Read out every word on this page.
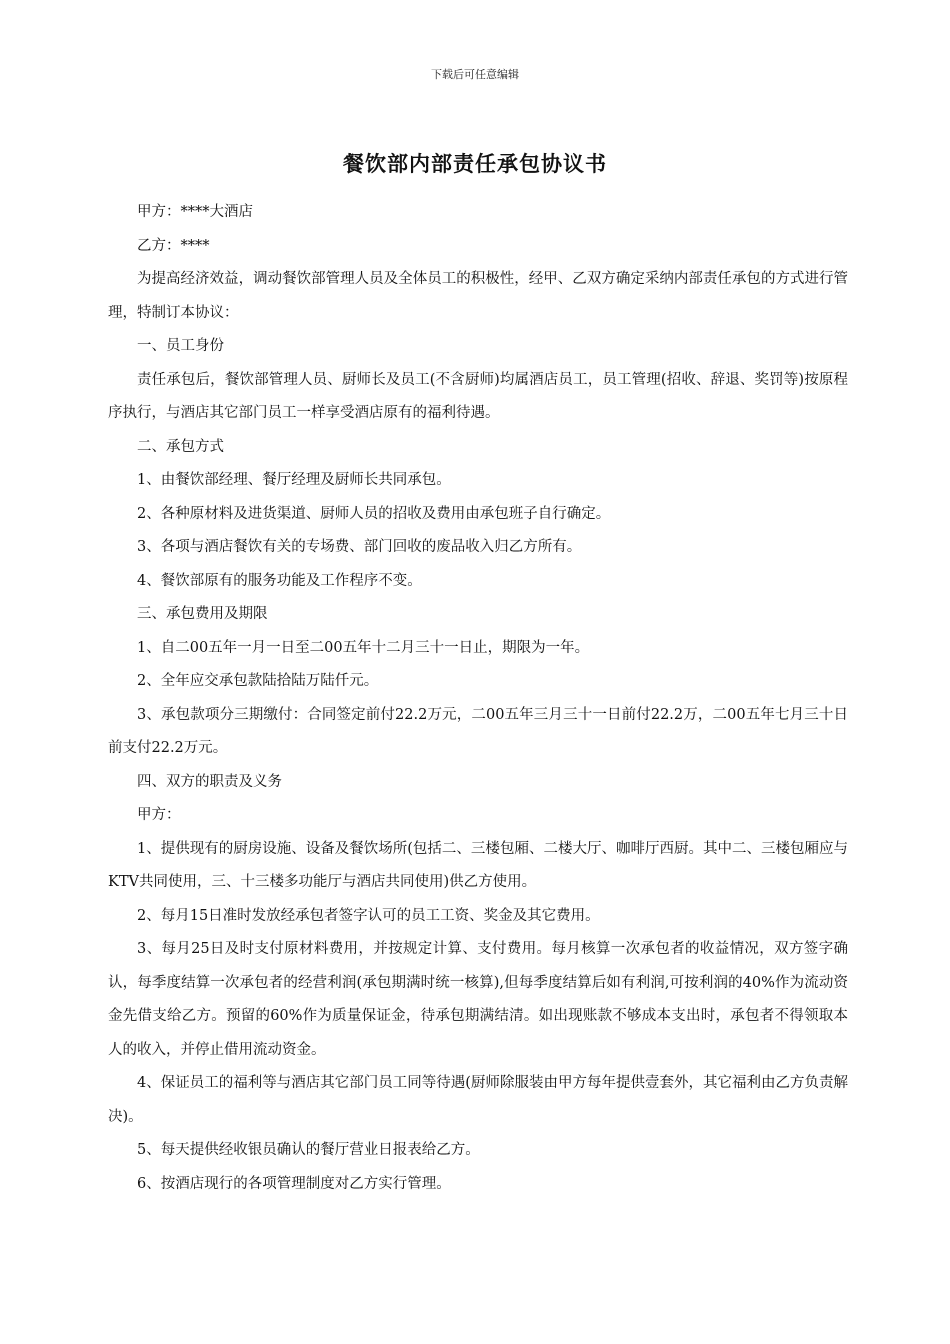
下载后可任意编辑
餐饮部内部责任承包协议书

甲方：****大酒店

乙方：****

为提高经济效益，调动餐饮部管理人员及全体员工的积极性，经甲、乙双方确定采纳内部责任承包的方式进行管理，特制订本协议：

一、员工身份

责任承包后，餐饮部管理人员、厨师长及员工(不含厨师)均属酒店员工，员工管理(招收、辞退、奖罚等)按原程序执行，与酒店其它部门员工一样享受酒店原有的福利待遇。

二、承包方式

1、由餐饮部经理、餐厅经理及厨师长共同承包。

2、各种原材料及进货渠道、厨师人员的招收及费用由承包班子自行确定。

3、各项与酒店餐饮有关的专场费、部门回收的废品收入归乙方所有。

4、餐饮部原有的服务功能及工作程序不变。

三、承包费用及期限

1、自二00五年一月一日至二00五年十二月三十一日止，期限为一年。

2、全年应交承包款陆拾陆万陆仟元。

3、承包款项分三期缴付：合同签定前付22.2万元，二00五年三月三十一日前付22.2万，二00五年七月三十日前支付22.2万元。

四、双方的职责及义务

甲方：

1、提供现有的厨房设施、设备及餐饮场所(包括二、三楼包厢、二楼大厅、咖啡厅西厨。其中二、三楼包厢应与KTV共同使用，三、十三楼多功能厅与酒店共同使用)供乙方使用。

2、每月15日准时发放经承包者签字认可的员工工资、奖金及其它费用。

3、每月25日及时支付原材料费用，并按规定计算、支付费用。每月核算一次承包者的收益情况，双方签字确认，每季度结算一次承包者的经营利润(承包期满时统一核算),但每季度结算后如有利润,可按利润的40%作为流动资金先借支给乙方。预留的60%作为质量保证金，待承包期满结清。如出现账款不够成本支出时，承包者不得领取本人的收入，并停止借用流动资金。

4、保证员工的福利等与酒店其它部门员工同等待遇(厨师除服装由甲方每年提供壹套外，其它福利由乙方负责解决)。

5、每天提供经收银员确认的餐厅营业日报表给乙方。

6、按酒店现行的各项管理制度对乙方实行管理。
